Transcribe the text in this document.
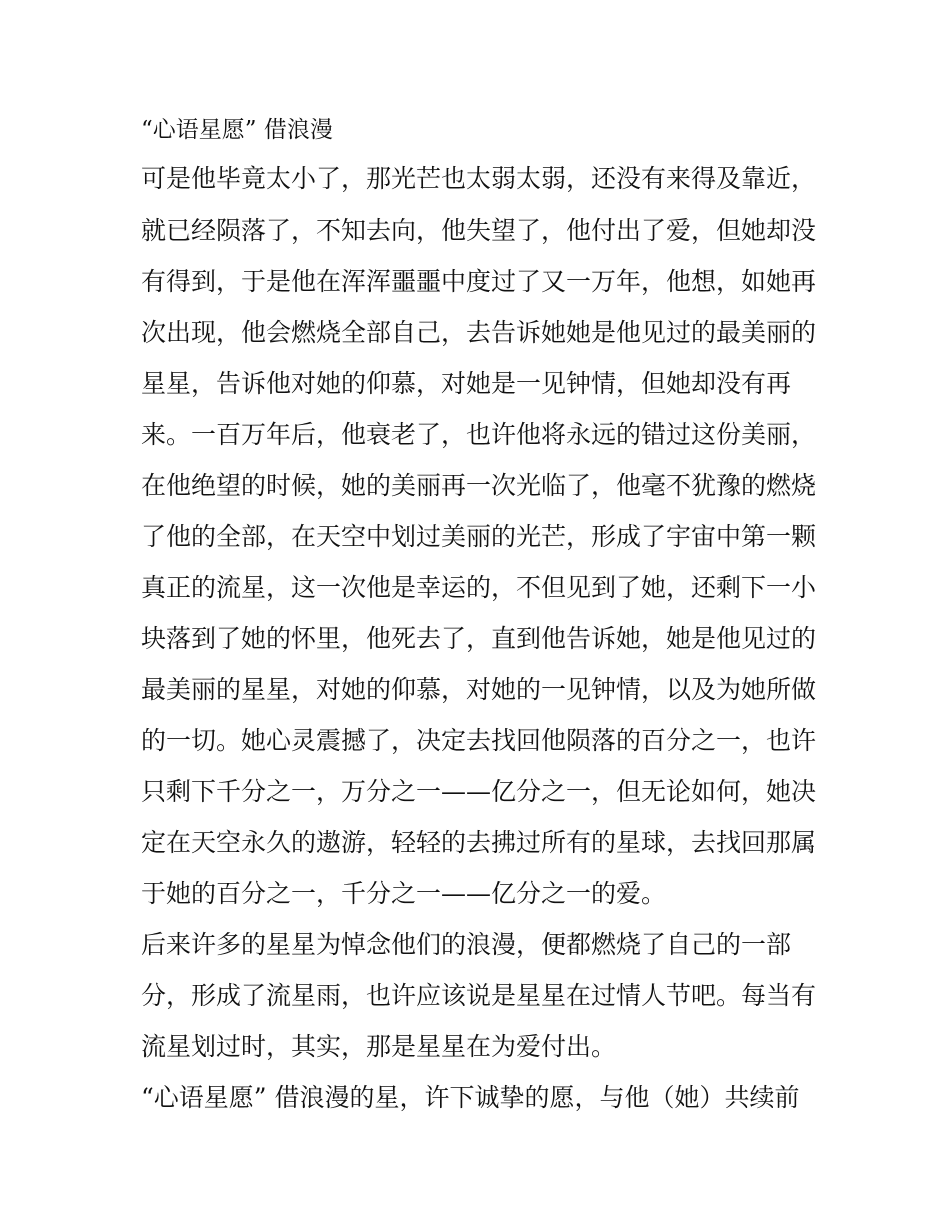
“心语星愿” 借浪漫
可是他毕竟太小了，那光芒也太弱太弱，还没有来得及靠近，
就已经陨落了，不知去向，他失望了，他付出了爱，但她却没
有得到，于是他在浑浑噩噩中度过了又一万年，他想，如她再
次出现，他会燃烧全部自己，去告诉她她是他见过的最美丽的
星星，告诉他对她的仰慕，对她是一见钟情，但她却没有再
来。一百万年后，他衰老了，也许他将永远的错过这份美丽，
在他绝望的时候，她的美丽再一次光临了，他毫不犹豫的燃烧
了他的全部，在天空中划过美丽的光芒，形成了宇宙中第一颗
真正的流星，这一次他是幸运的，不但见到了她，还剩下一小
块落到了她的怀里，他死去了，直到他告诉她，她是他见过的
最美丽的星星，对她的仰慕，对她的一见钟情，以及为她所做
的一切。她心灵震撼了，决定去找回他陨落的百分之一，也许
只剩下千分之一，万分之一——亿分之一，但无论如何，她决
定在天空永久的遨游，轻轻的去拂过所有的星球，去找回那属
于她的百分之一，千分之一——亿分之一的爱。
后来许多的星星为悼念他们的浪漫，便都燃烧了自己的一部
分，形成了流星雨，也许应该说是星星在过情人节吧。每当有
流星划过时，其实，那是星星在为爱付出。
“心语星愿” 借浪漫的星，许下诚挚的愿，与他（她）共续前
